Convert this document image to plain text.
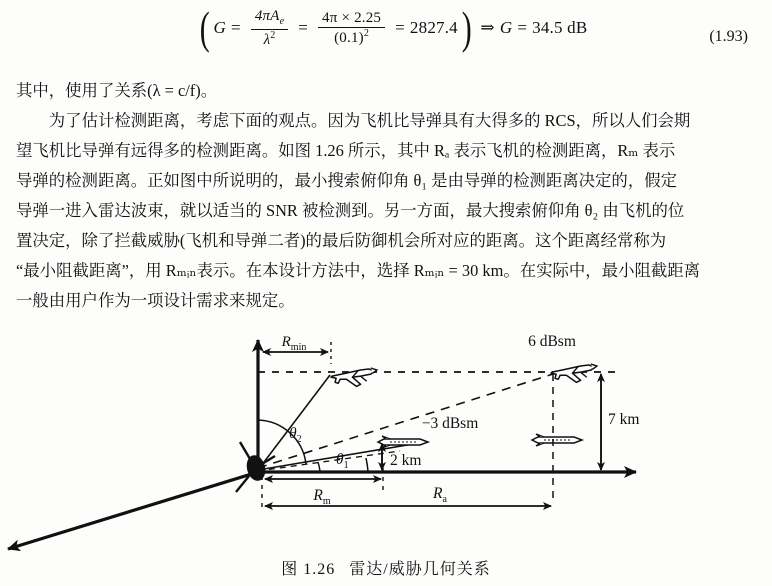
( $G = \frac{4\pi A_e}{\lambda^2} = \frac{4\pi \times 2.25}{(0.1)^2} = 2827.4$ ) ⇒ G = 34.5 dB	(1.93)

其中，使用了关系(λ = c/f)。

为了估计检测距离，考虑下面的观点。因为飞机比导弹具有大得多的 RCS，所以人们会期

望飞机比导弹有远得多的检测距离。如图 1.26 所示，其中 Rₐ 表示飞机的检测距离，Rₘ 表示

导弹的检测距离。正如图中所说明的，最小搜索俯仰角 θ₁ 是由导弹的检测距离决定的，假定

导弹一进入雷达波束，就以适当的 SNR 被检测到。另一方面，最大搜索俯仰角 θ₂ 由飞机的位

置决定，除了拦截威胁(飞机和导弹二者)的最后防御机会所对应的距离。这个距离经常称为

“最小阻截距离”，用 Rₘᵢₙ表示。在本设计方法中，选择 Rₘᵢₙ = 30 km。在实际中，最小阻截距离

一般由用户作为一项设计需求来规定。

$R_{min}$	6 dBsm
−3 dBsm
2 km
7 km
$R_m$	$R_a$
$\theta_2$
$\theta_1$
图 1.26 雷达/威胁几何关系
